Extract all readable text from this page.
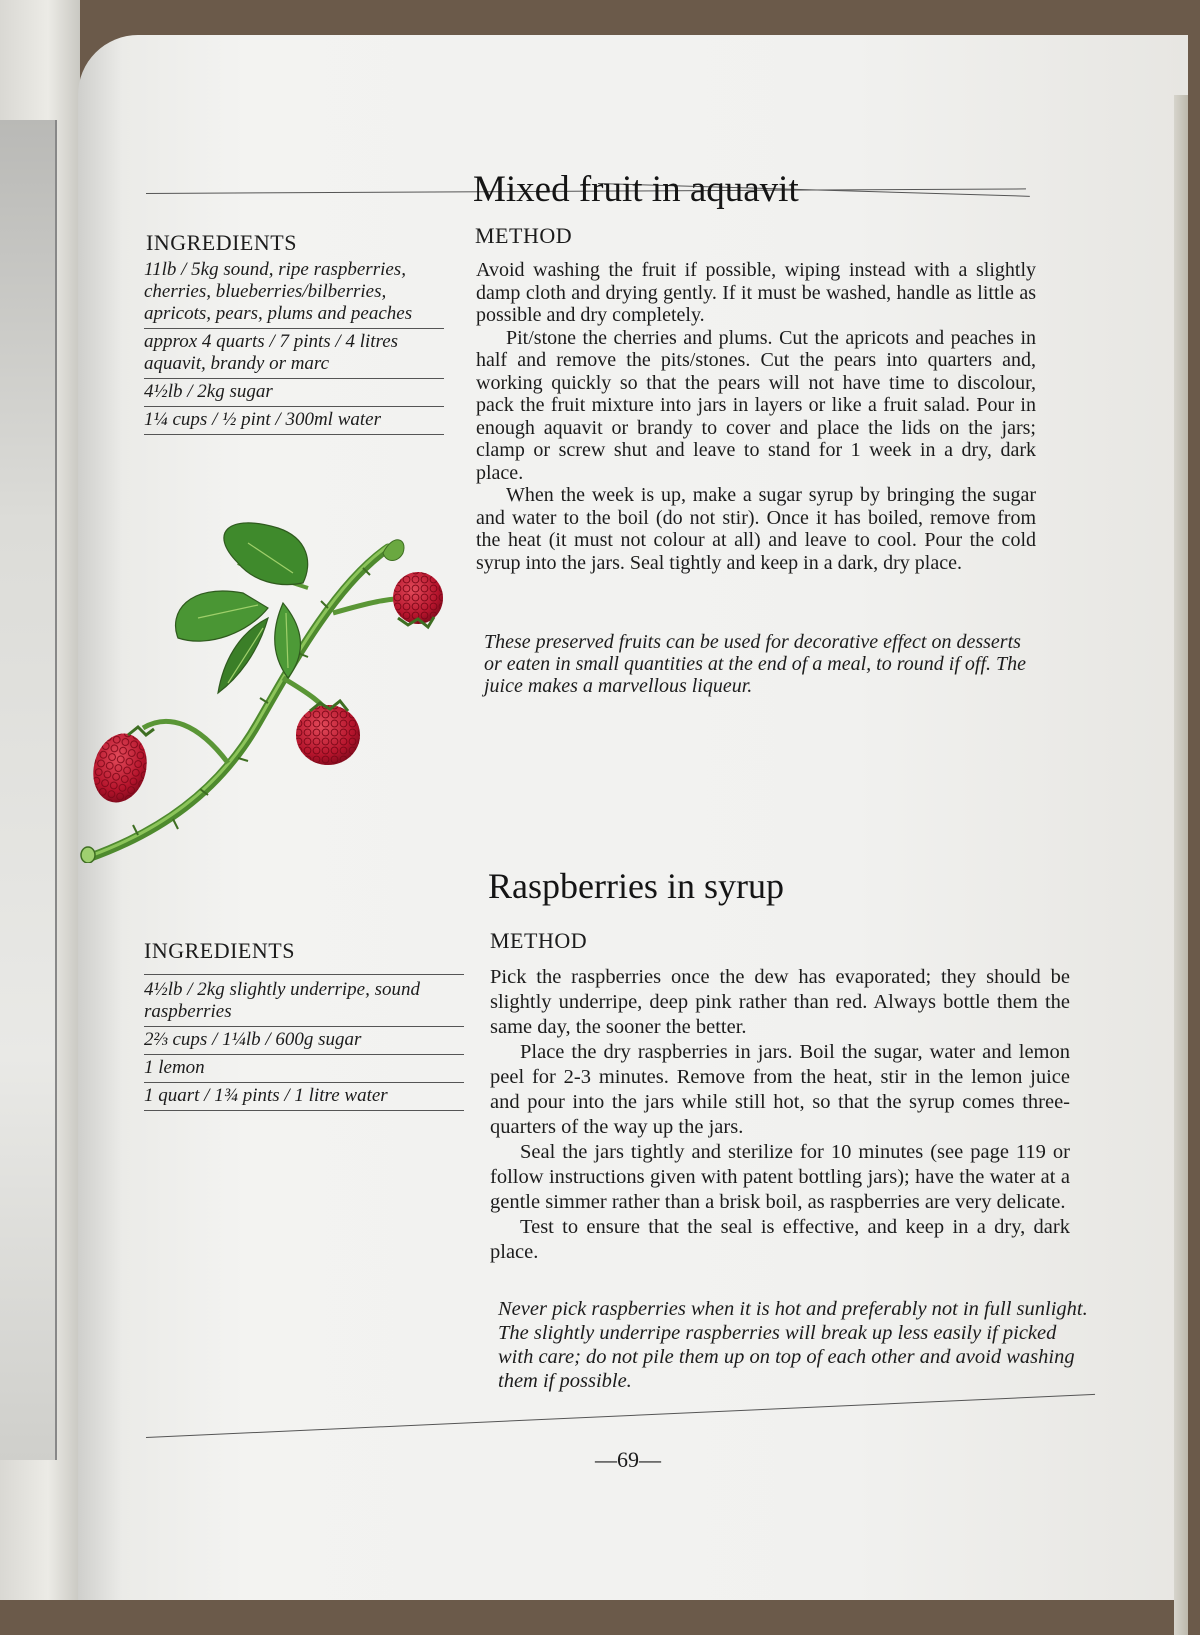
Mixed fruit in aquavit
INGREDIENTS	METHOD
11lb / 5kg sound, ripe raspberries, cherries, blueberries/bilberries, apricots, pears, plums and peaches
approx 4 quarts / 7 pints / 4 litres aquavit, brandy or marc
4½lb / 2kg sugar
1¼ cups / ½ pint / 300ml water

Avoid washing the fruit if possible, wiping instead with a slightly damp cloth and drying gently. If it must be washed, handle as little as possible and dry completely.

Pit/stone the cherries and plums. Cut the apricots and peaches in half and remove the pits/stones. Cut the pears into quarters and, working quickly so that the pears will not have time to discolour, pack the fruit mixture into jars in layers or like a fruit salad. Pour in enough aquavit or brandy to cover and place the lids on the jars; clamp or screw shut and leave to stand for 1 week in a dry, dark place.

When the week is up, make a sugar syrup by bringing the sugar and water to the boil (do not stir). Once it has boiled, remove from the heat (it must not colour at all) and leave to cool. Pour the cold syrup into the jars. Seal tightly and keep in a dark, dry place.

These preserved fruits can be used for decorative effect on desserts or eaten in small quantities at the end of a meal, to round if off. The juice makes a marvellous liqueur.
Raspberries in syrup
INGREDIENTS	METHOD
4½lb / 2kg slightly underripe, sound raspberries
2⅔ cups / 1¼lb / 600g sugar
1 lemon
1 quart / 1¾ pints / 1 litre water

Pick the raspberries once the dew has evaporated; they should be slightly underripe, deep pink rather than red. Always bottle them the same day, the sooner the better.

Place the dry raspberries in jars. Boil the sugar, water and lemon peel for 2-3 minutes. Remove from the heat, stir in the lemon juice and pour into the jars while still hot, so that the syrup comes three-quarters of the way up the jars.

Seal the jars tightly and sterilize for 10 minutes (see page 119 or follow instructions given with patent bottling jars); have the water at a gentle simmer rather than a brisk boil, as raspberries are very delicate.

Test to ensure that the seal is effective, and keep in a dry, dark place.

Never pick raspberries when it is hot and preferably not in full sunlight. The slightly underripe raspberries will break up less easily if picked with care; do not pile them up on top of each other and avoid washing them if possible.
—69—
